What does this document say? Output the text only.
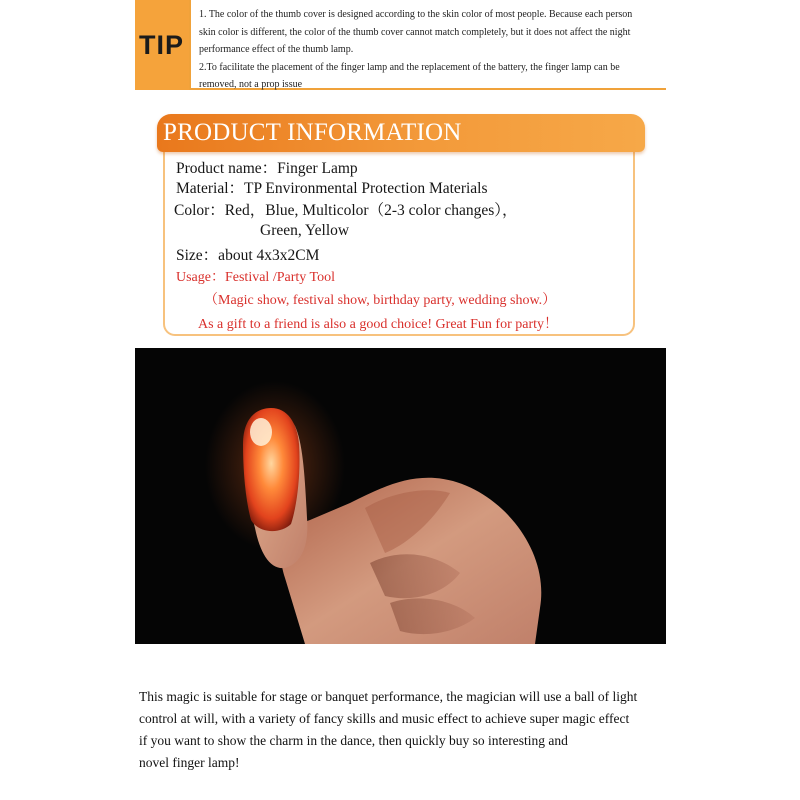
TIP
1. The color of the thumb cover is designed according to the skin color of most people. Because each person
skin color is different, the color of the thumb cover cannot match completely, but it does not affect the night
performance effect of the thumb lamp.
2.To facilitate the placement of the finger lamp and the replacement of the battery, the finger lamp can be
removed, not a prop issue
PRODUCT INFORMATION
Product name：Finger Lamp
Material：TP Environmental Protection Materials
Color：Red，Blue, Multicolor（2-3 color changes），
Green, Yellow
Size：about 4x3x2CM
Usage：Festival /Party Tool
（Magic show, festival show, birthday party, wedding show.）
As a gift to a friend is also a good choice! Great Fun for party！
This magic is suitable for stage or banquet performance, the magician will use a ball of light
control at will, with a variety of fancy skills and music effect to achieve super magic effect
if you want to show the charm in the dance, then quickly buy so interesting and
novel finger lamp!
